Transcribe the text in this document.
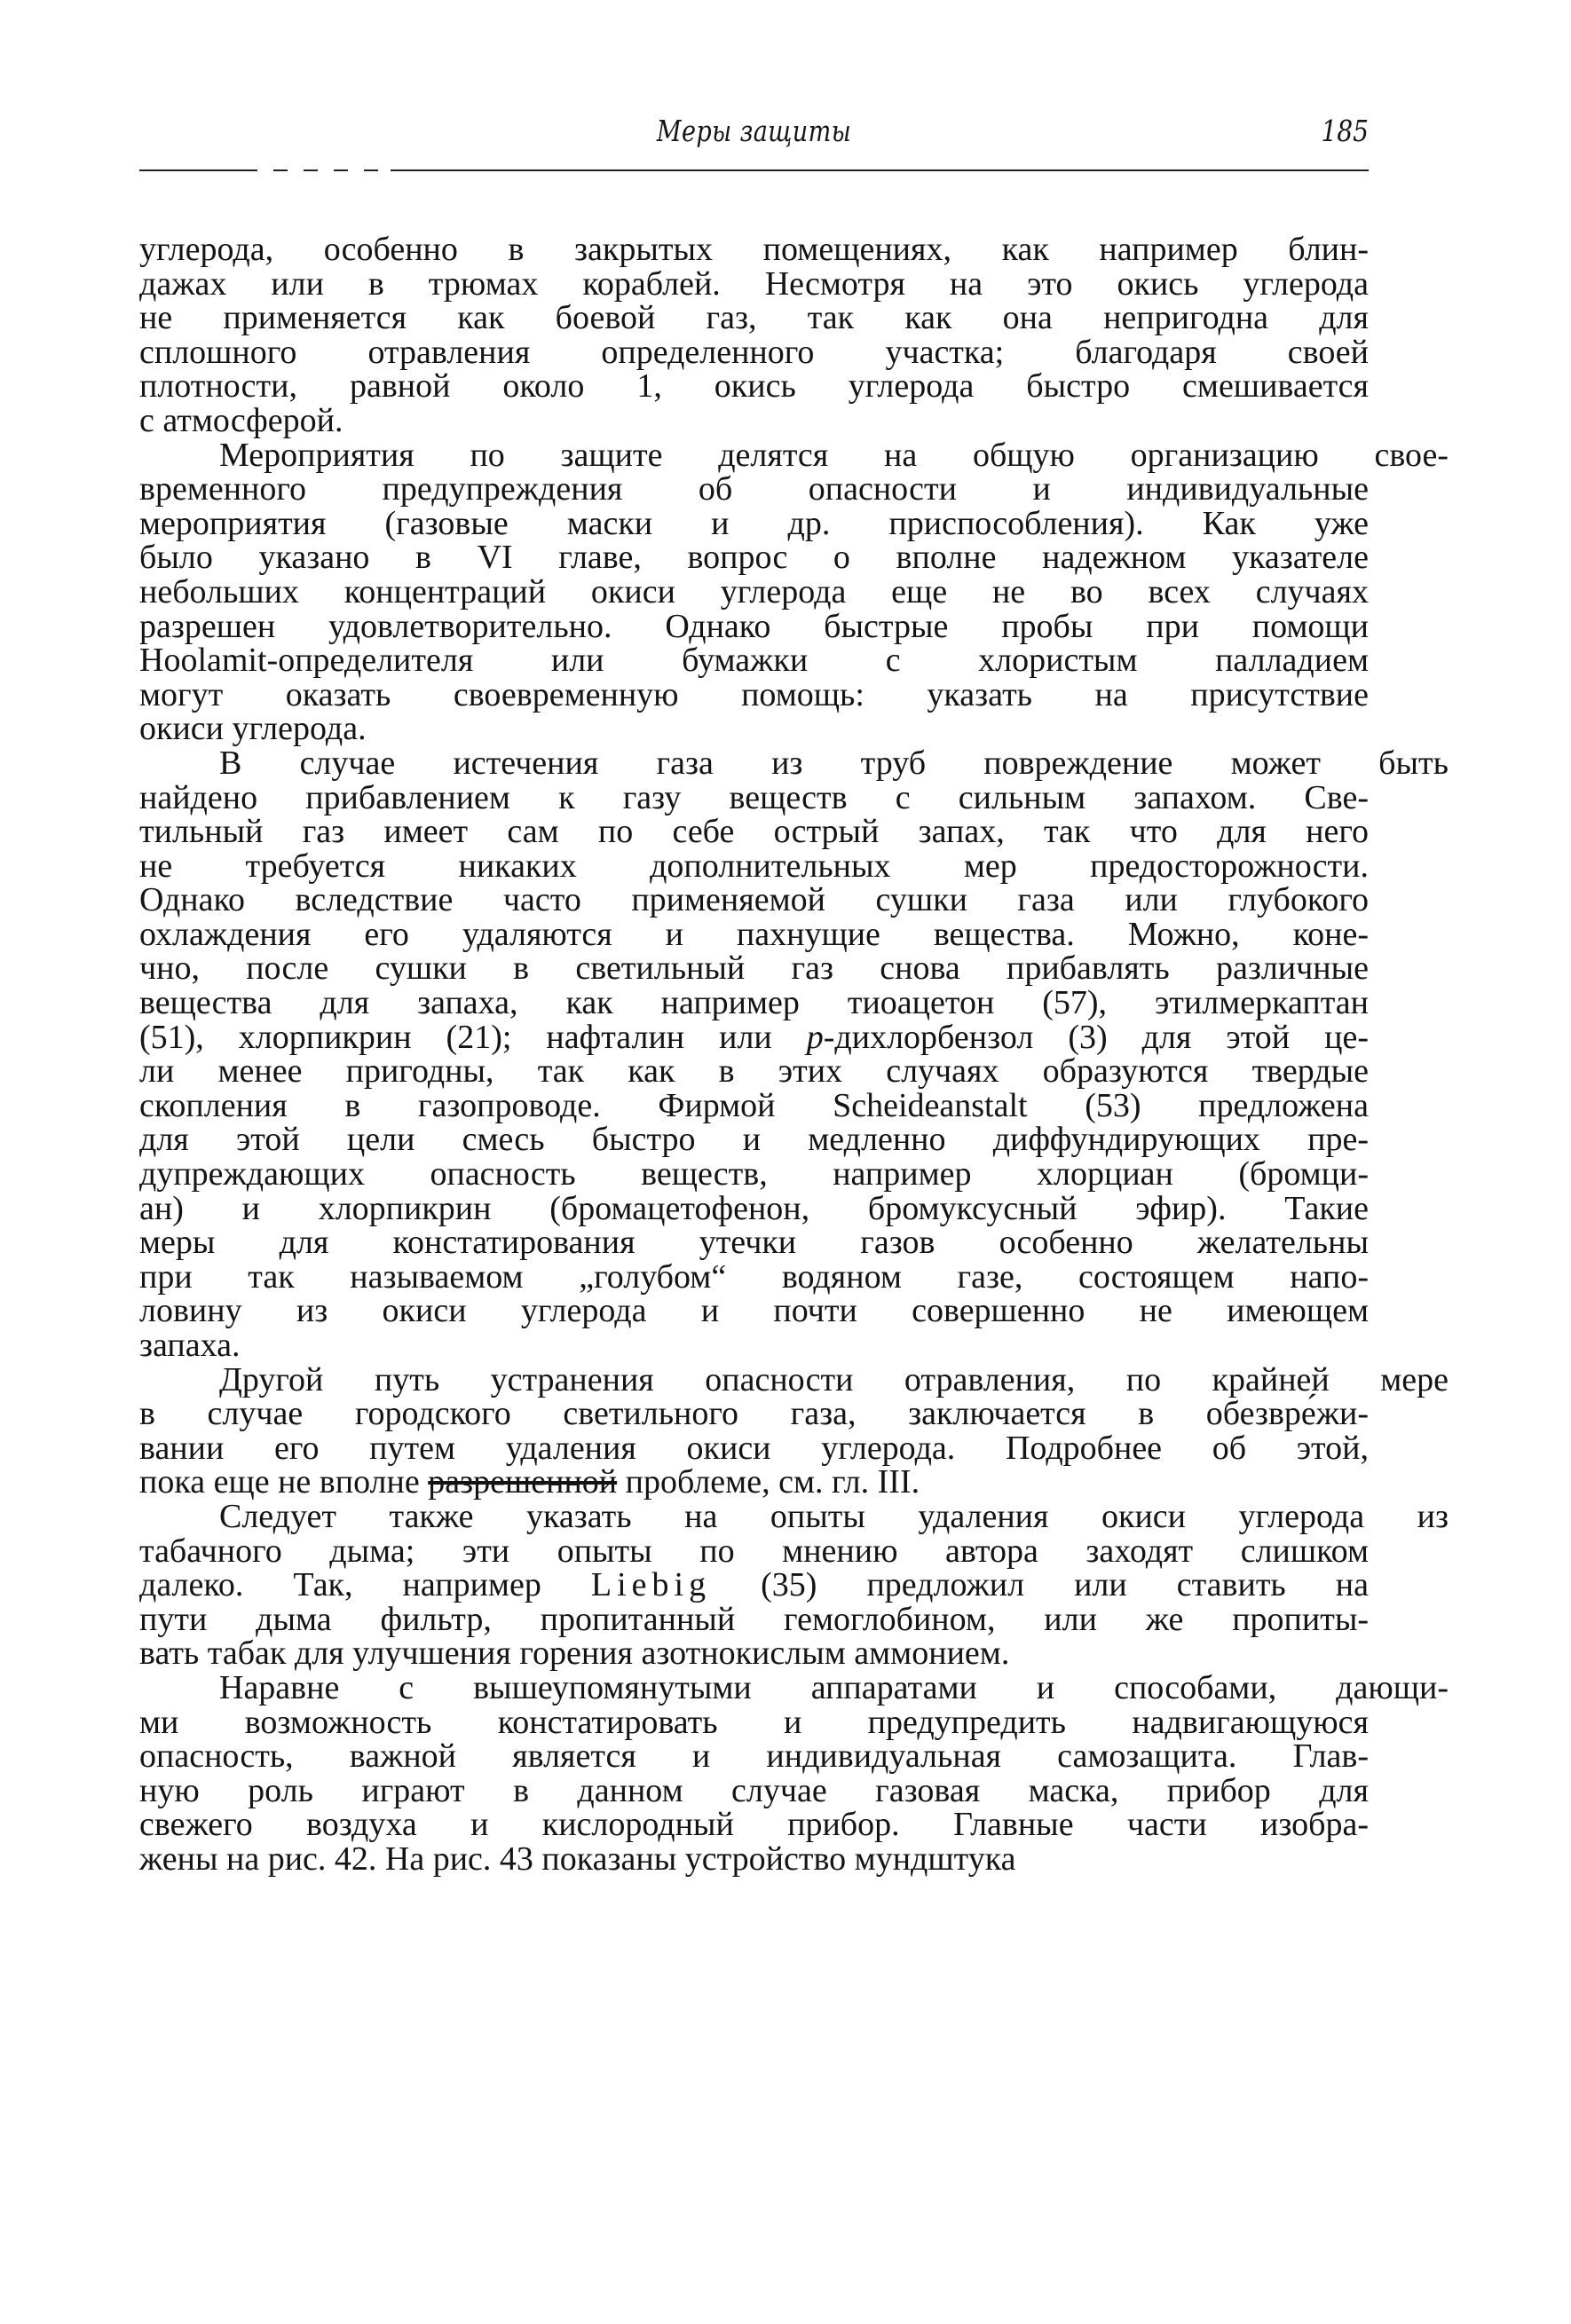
Меры защиты	185
углерода, особенно в закрытых помещениях, как например блин-
дажах или в трюмах кораблей. Несмотря на это окись углерода
не применяется как боевой газ, так как она непригодна для
сплошного отравления определенного участка; благодаря своей
плотности, равной около 1, окись углерода быстро смешивается
с атмосферой.
Мероприятия по защите делятся на общую организацию свое-
временного предупреждения об опасности и индивидуальные
мероприятия (газовые маски и др. приспособления). Как уже
было указано в VI главе, вопрос о вполне надежном указателе
небольших концентраций окиси углерода еще не во всех случаях
разрешен удовлетворительно. Однако быстрые пробы при помощи
Hoolamit-определителя или бумажки с хлористым палладием
могут оказать своевременную помощь: указать на присутствие
окиси углерода.
В случае истечения газа из труб повреждение может быть
найдено прибавлением к газу веществ с сильным запахом. Све-
тильный газ имеет сам по себе острый запах, так что для него
не требуется никаких дополнительных мер предосторожности.
Однако вследствие часто применяемой сушки газа или глубокого
охлаждения его удаляются и пахнущие вещества. Можно, коне-
чно, после сушки в светильный газ снова прибавлять различные
вещества для запаха, как например тиоацетон (57), этилмеркаптан
(51), хлорпикрин (21); нафталин или p-дихлорбензол (3) для этой це-
ли менее пригодны, так как в этих случаях образуются твердые
скопления в газопроводе. Фирмой Scheideanstalt (53) предложена
для этой цели смесь быстро и медленно диффундирующих пре-
дупреждающих опасность веществ, например хлорциан (бромци-
ан) и хлорпикрин (бромацетофенон, бромуксусный эфир). Такие
меры для констатирования утечки газов особенно желательны
при так называемом „голубом“ водяном газе, состоящем напо-
ловину из окиси углерода и почти совершенно не имеющем
запаха.
Другой путь устранения опасности отравления, по крайней мере
в случае городского светильного газа, заключается в обезвре́жи-
вании его путем удаления окиси углерода. Подробнее об этой,
пока еще не вполне разрешенной проблеме, см. гл. III.
Следует также указать на опыты удаления окиси углерода из
табачного дыма; эти опыты по мнению автора заходят слишком
далеко. Так, например Liebig (35) предложил или ставить на
пути дыма фильтр, пропитанный гемоглобином, или же пропиты-
вать табак для улучшения горения азотнокислым аммонием.
Наравне с вышеупомянутыми аппаратами и способами, дающи-
ми возможность констатировать и предупредить надвигающуюся
опасность, важной является и индивидуальная самозащита. Глав-
ную роль играют в данном случае газовая маска, прибор для
свежего воздуха и кислородный прибор. Главные части изобра-
жены на рис. 42. На рис. 43 показаны устройство мундштука
